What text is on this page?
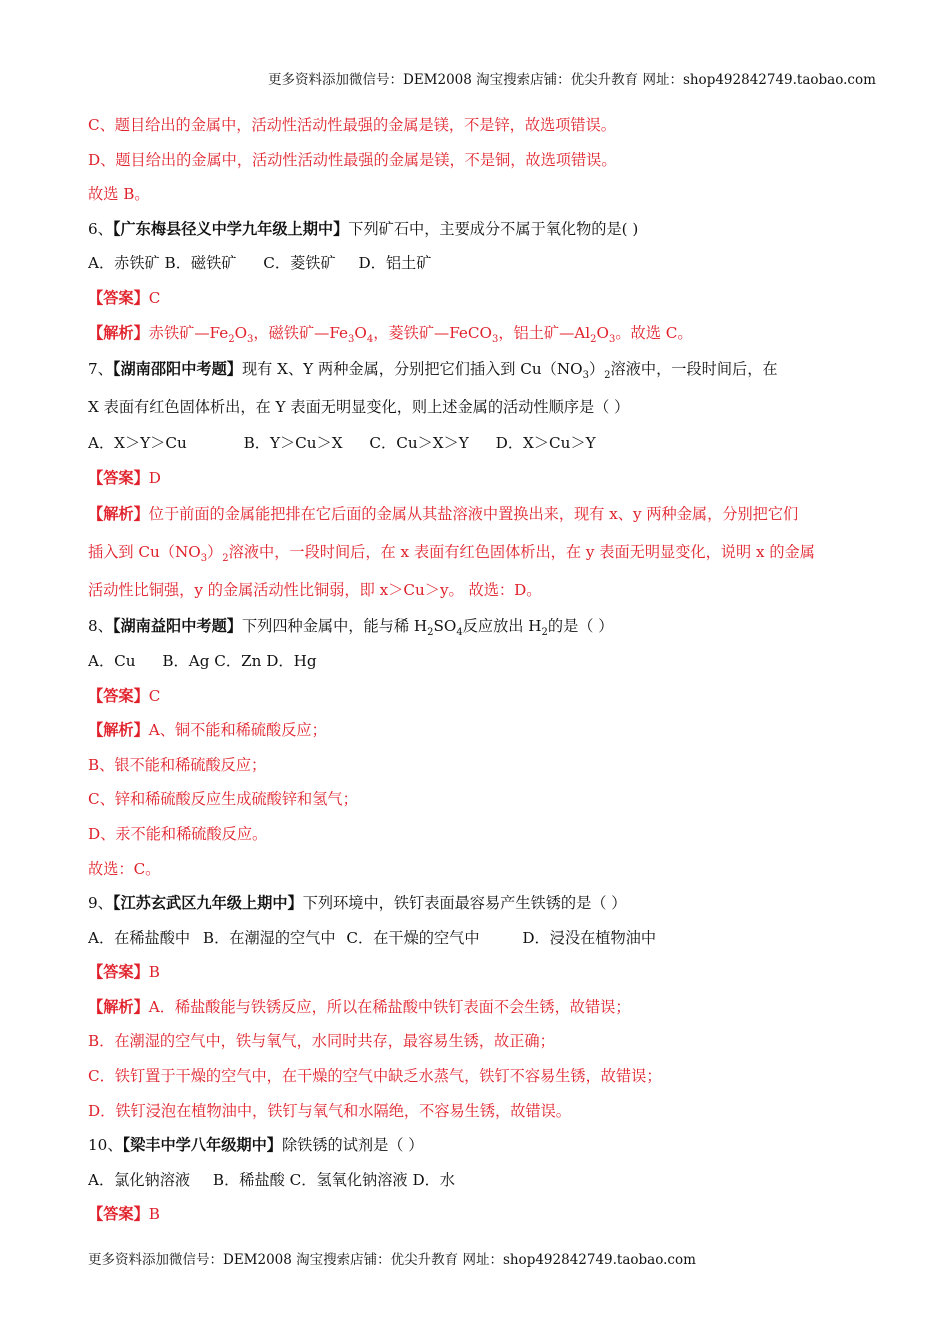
更多资料添加微信号：DEM2008 淘宝搜索店铺：优尖升教育 网址：shop492842749.taobao.com
C、题目给出的金属中，活动性活动性最强的金属是镁，不是锌，故选项错误。
D、题目给出的金属中，活动性活动性最强的金属是镁，不是铜，故选项错误。
故选 B。
6、【广东梅县径义中学九年级上期中】下列矿石中，主要成分不属于氧化物的是( )
A．赤铁矿 B．磁铁矿 C．菱铁矿 D．铝土矿
【答案】C
【解析】赤铁矿$—Fe_2O_3$，磁铁矿$—Fe_3O_4$，菱铁矿—FeCO$_3$，铝土矿$—Al_2O_3$。故选 C。
7、【湖南邵阳中考题】现有 X、Y 两种金属，分别把它们插入到 $Cu(NO_3)_2$溶液中，一段时间后，在
X 表面有红色固体析出，在 Y 表面无明显变化，则上述金属的活动性顺序是（ ）
A．X＞Y＞Cu	B．Y＞Cu＞X C．Cu＞X＞Y D．X＞Cu＞Y
【答案】D
【解析】位于前面的金属能把排在它后面的金属从其盐溶液中置换出来，现有 x、y 两种金属，分别把它们
插入到 $Cu(NO_3)_2$溶液中，一段时间后，在 x 表面有红色固体析出，在 y 表面无明显变化，说明 x 的金属
活动性比铜强，y 的金属活动性比铜弱，即 x＞Cu＞y。 故选：D。
8、【湖南益阳中考题】下列四种金属中，能与稀 $H_2SO_4$反应放出 $H_2$的是（ ）
A．Cu B．Ag C．Zn D．Hg
【答案】C
【解析】A、铜不能和稀硫酸反应；
B、银不能和稀硫酸反应；
C、锌和稀硫酸反应生成硫酸锌和氢气；
D、汞不能和稀硫酸反应。
故选：C。
9、【江苏玄武区九年级上期中】下列环境中，铁钉表面最容易产生铁锈的是（ ）
A．在稀盐酸中 B．在潮湿的空气中 C．在干燥的空气中	D．浸没在植物油中
【答案】B
【解析】A．稀盐酸能与铁锈反应，所以在稀盐酸中铁钉表面不会生锈，故错误；
B．在潮湿的空气中，铁与氧气，水同时共存，最容易生锈，故正确；
C．铁钉置于干燥的空气中，在干燥的空气中缺乏水蒸气，铁钉不容易生锈，故错误；
D．铁钉浸泡在植物油中，铁钉与氧气和水隔绝，不容易生锈，故错误。
10、【梁丰中学八年级期中】除铁锈的试剂是（ ）
A．氯化钠溶液 B．稀盐酸 C．氢氧化钠溶液 D．水
【答案】B
更多资料添加微信号：DEM2008 淘宝搜索店铺：优尖升教育 网址：shop492842749.taobao.com
